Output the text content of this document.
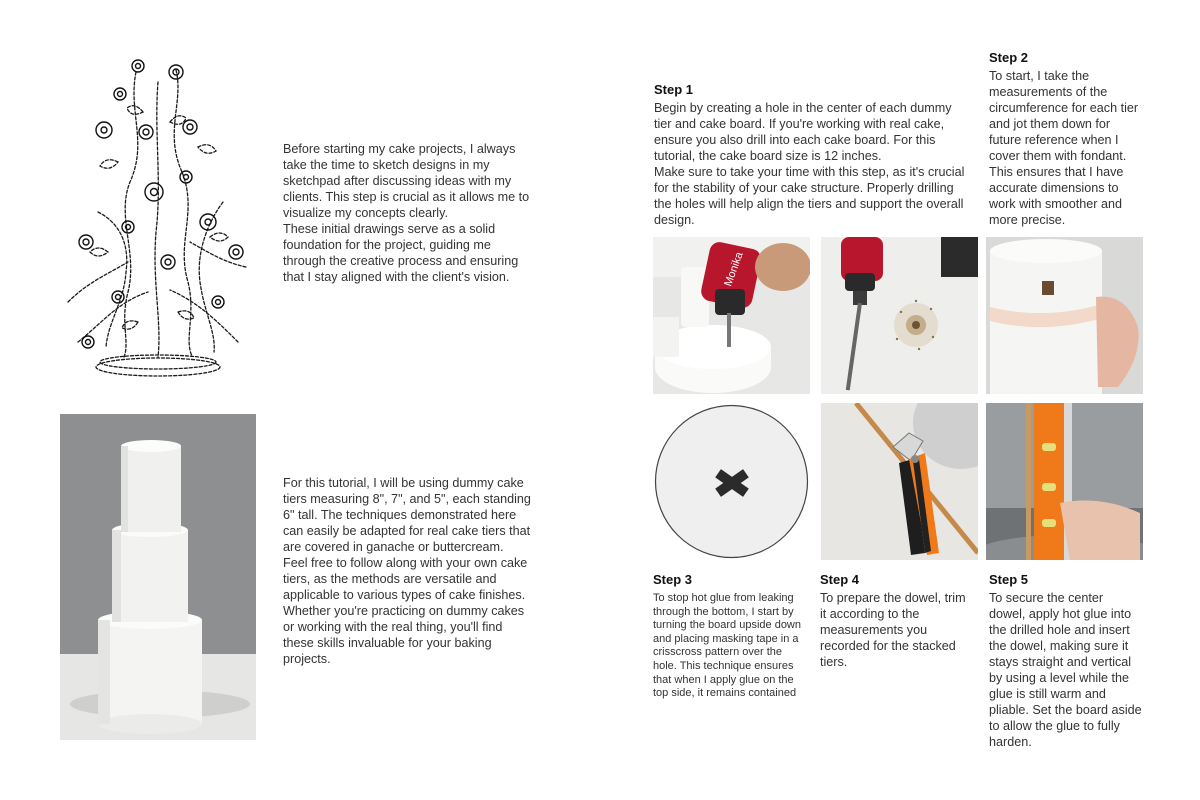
Before starting my cake projects, I always
take the time to sketch designs in my
sketchpad after discussing ideas with my
clients. This step is crucial as it allows me to
visualize my concepts clearly.
These initial drawings serve as a solid
foundation for the project, guiding me
through the creative process and ensuring
that I stay aligned with the client's vision.
For this tutorial, I will be using dummy cake
tiers measuring 8", 7", and 5", each standing
6" tall. The techniques demonstrated here
can easily be adapted for real cake tiers that
are covered in ganache or buttercream.
Feel free to follow along with your own cake
tiers, as the methods are versatile and
applicable to various types of cake finishes.
Whether you're practicing on dummy cakes
or working with the real thing, you'll find
these skills invaluable for your baking
projects.
Step 1
Begin by creating a hole in the center of each dummy
tier and cake board. If you're working with real cake,
ensure you also drill into each cake board. For this
tutorial, the cake board size is 12 inches.
Make sure to take your time with this step, as it's crucial
for the stability of your cake structure. Properly drilling
the holes will help align the tiers and support the overall
design.
Step 2
To start, I take the
measurements of the
circumference for each tier
and jot them down for
future reference when I
cover them with fondant.
This ensures that I have
accurate dimensions to
work with smoother and
more precise.
Monika
Step 3
To stop hot glue from leaking
through the bottom, I start by
turning the board upside down
and placing masking tape in a
crisscross pattern over the
hole. This technique ensures
that when I apply glue on the
top side, it remains contained
Step 4
To prepare the dowel, trim
it according to the
measurements you
recorded for the stacked
tiers.
Step 5
To secure the center
dowel, apply hot glue into
the drilled hole and insert
the dowel, making sure it
stays straight and vertical
by using a level while the
glue is still warm and
pliable. Set the board aside
to allow the glue to fully
harden.
